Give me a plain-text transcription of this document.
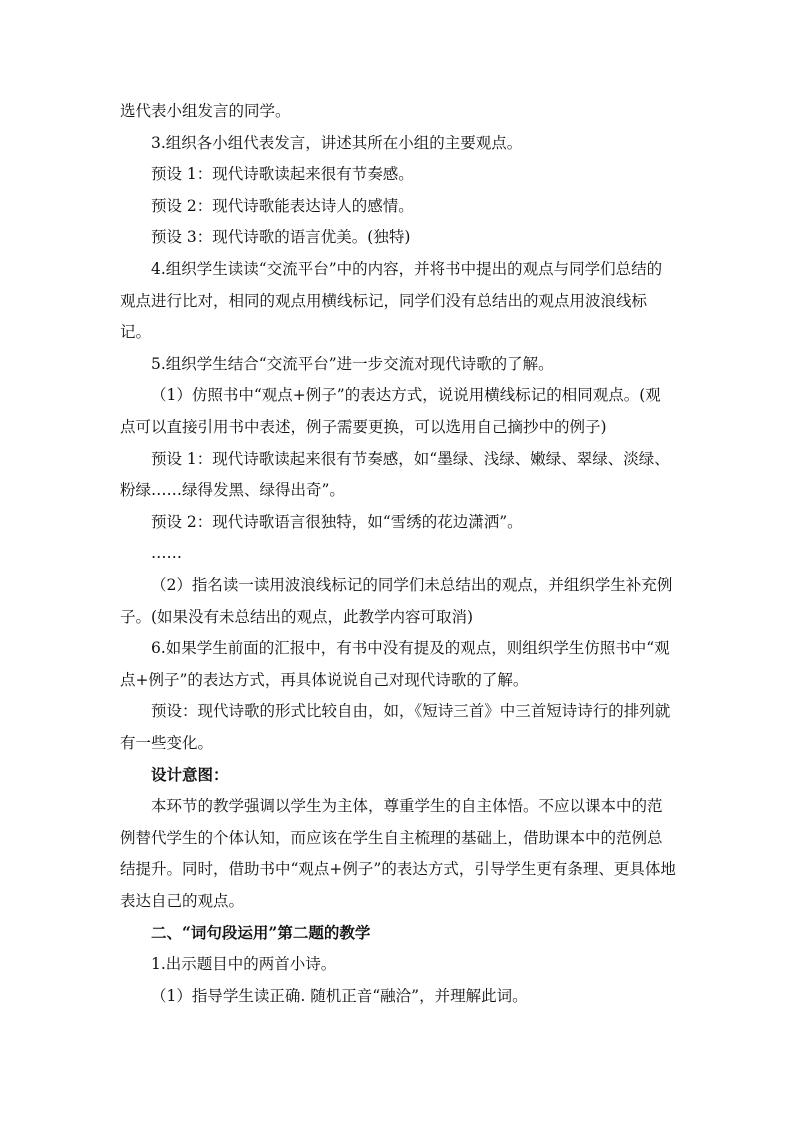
选代表小组发言的同学。

3.组织各小组代表发言，讲述其所在小组的主要观点。

预设 1：现代诗歌读起来很有节奏感。

预设 2：现代诗歌能表达诗人的感情。

预设 3：现代诗歌的语言优美。(独特)

4.组织学生读读“交流平台”中的内容，并将书中提出的观点与同学们总结的观点进行比对，相同的观点用横线标记，同学们没有总结出的观点用波浪线标记。

5.组织学生结合“交流平台”进一步交流对现代诗歌的了解。

（1）仿照书中“观点+例子”的表达方式，说说用横线标记的相同观点。(观点可以直接引用书中表述，例子需要更换，可以选用自己摘抄中的例子)

预设 1：现代诗歌读起来很有节奏感，如“墨绿、浅绿、嫩绿、翠绿、淡绿、粉绿……绿得发黑、绿得出奇”。

预设 2：现代诗歌语言很独特，如“雪绣的花边潇洒”。

……

（2）指名读一读用波浪线标记的同学们未总结出的观点，并组织学生补充例子。(如果没有未总结出的观点，此教学内容可取消)

6.如果学生前面的汇报中，有书中没有提及的观点，则组织学生仿照书中“观点+例子”的表达方式，再具体说说自己对现代诗歌的了解。

预设：现代诗歌的形式比较自由，如，《短诗三首》中三首短诗诗行的排列就有一些变化。

设计意图：

本环节的教学强调以学生为主体，尊重学生的自主体悟。不应以课本中的范例替代学生的个体认知，而应该在学生自主梳理的基础上，借助课本中的范例总结提升。同时，借助书中“观点+例子”的表达方式，引导学生更有条理、更具体地表达自己的观点。

二、“词句段运用”第二题的教学

1.出示题目中的两首小诗。

（1）指导学生读正确. 随机正音“融洽”，并理解此词。
